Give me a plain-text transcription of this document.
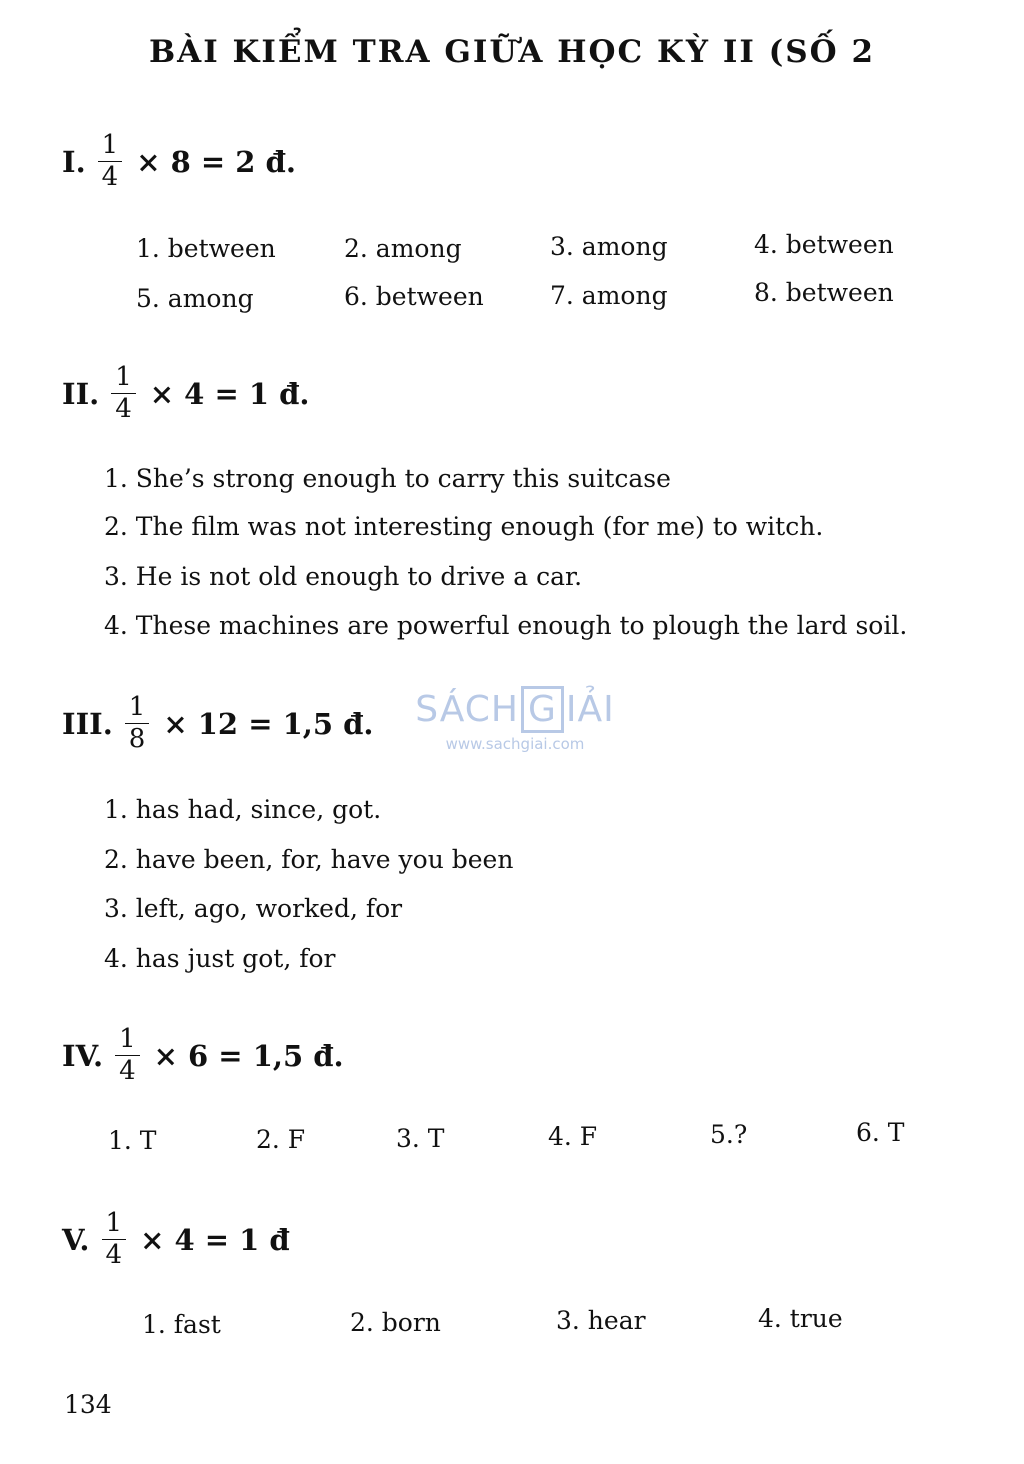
BÀI KIỂM TRA GIỮA HỌC KỲ II (SỐ 2
I. $\frac{1}{4} \times 8 = 2$ đ.
1. between	2. among	3. among	4. between
5. among	6. between	7. among	8. between
II. $\frac{1}{4} \times 4 = 1$ đ.
1. She’s strong enough to carry this suitcase
2. The film was not interesting enough (for me) to witch.
3. He is not old enough to drive a car.
4. These machines are powerful enough to plough the lard soil.
III. $\frac{1}{8} \times 12 = 1,5$ đ.
1. has had, since, got.
2. have been, for, have you been
3. left, ago, worked, for
4. has just got, for
IV. $\frac{1}{4} \times 6 = 1,5$ đ.
1. T	2. F	3. T	4. F	5.?	6. T
V. $\frac{1}{4} \times 4 = 1$ đ
1. fast	2. born	3. hear	4. true
SÁCH G IẢI
www.sachgiai.com
134
